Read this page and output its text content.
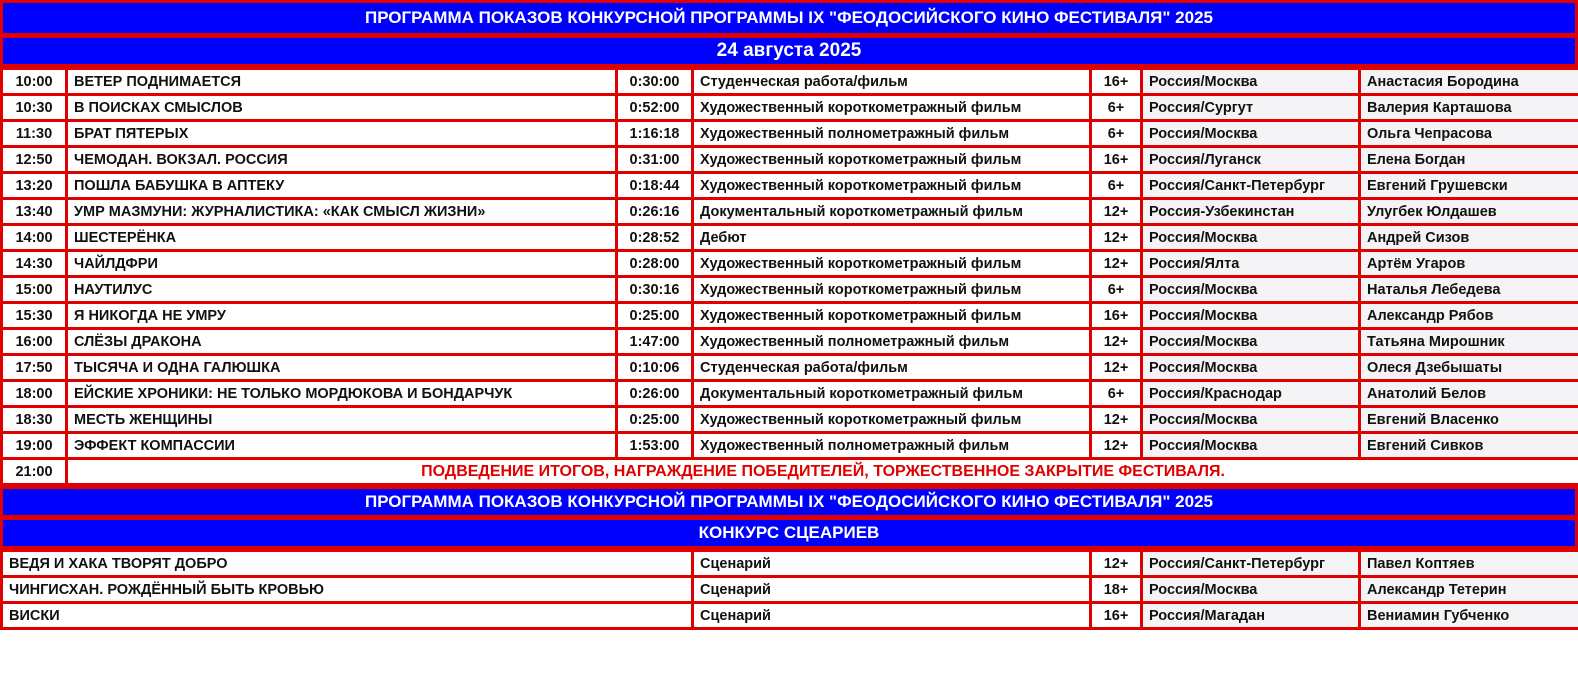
ПРОГРАММА ПОКАЗОВ КОНКУРСНОЙ ПРОГРАММЫ IX "ФЕОДОСИЙСКОГО КИНО ФЕСТИВАЛЯ" 2025
24 августа 2025
10:00	ВЕТЕР ПОДНИМАЕТСЯ	0:30:00	Студенческая работа/фильм	16+	Россия/Москва	Анастасия Бородина
10:30	В ПОИСКАХ СМЫСЛОВ	0:52:00	Художественный короткометражный фильм	6+	Россия/Сургут	Валерия Карташова
11:30	БРАТ ПЯТЕРЫХ	1:16:18	Художественный полнометражный фильм	6+	Россия/Москва	Ольга Чепрасова
12:50	ЧЕМОДАН. ВОКЗАЛ. РОССИЯ	0:31:00	Художественный короткометражный фильм	16+	Россия/Луганск	Елена Богдан
13:20	ПОШЛА БАБУШКА В АПТЕКУ	0:18:44	Художественный короткометражный фильм	6+	Россия/Санкт-Петербург	Евгений Грушевски
13:40	УМР МАЗМУНИ: ЖУРНАЛИСТИКА: «КАК СМЫСЛ ЖИЗНИ»	0:26:16	Документальный короткометражный фильм	12+	Россия-Узбекинстан	Улугбек Юлдашев
14:00	ШЕСТЕРЁНКА	0:28:52	Дебют	12+	Россия/Москва	Андрей Сизов
14:30	ЧАЙЛДФРИ	0:28:00	Художественный короткометражный фильм	12+	Россия/Ялта	Артём Угаров
15:00	НАУТИЛУС	0:30:16	Художественный короткометражный фильм	6+	Россия/Москва	Наталья Лебедева
15:30	Я НИКОГДА НЕ УМРУ	0:25:00	Художественный короткометражный фильм	16+	Россия/Москва	Александр Рябов
16:00	СЛЁЗЫ ДРАКОНА	1:47:00	Художественный полнометражный фильм	12+	Россия/Москва	Татьяна Мирошник
17:50	ТЫСЯЧА И ОДНА ГАЛЮШКА	0:10:06	Студенческая работа/фильм	12+	Россия/Москва	Олеся Дзебышаты
18:00	ЕЙСКИЕ ХРОНИКИ: НЕ ТОЛЬКО МОРДЮКОВА И БОНДАРЧУК	0:26:00	Документальный короткометражный фильм	6+	Россия/Краснодар	Анатолий Белов
18:30	МЕСТЬ ЖЕНЩИНЫ	0:25:00	Художественный короткометражный фильм	12+	Россия/Москва	Евгений Власенко
19:00	ЭФФЕКТ КОМПАССИИ	1:53:00	Художественный полнометражный фильм	12+	Россия/Москва	Евгений Сивков
21:00	ПОДВЕДЕНИЕ ИТОГОВ, НАГРАЖДЕНИЕ ПОБЕДИТЕЛЕЙ, ТОРЖЕСТВЕННОЕ ЗАКРЫТИЕ ФЕСТИВАЛЯ.					
ПРОГРАММА ПОКАЗОВ КОНКУРСНОЙ ПРОГРАММЫ IX "ФЕОДОСИЙСКОГО КИНО ФЕСТИВАЛЯ" 2025
КОНКУРС СЦЕАРИЕВ
ВЕДЯ И ХАКА ТВОРЯТ ДОБРО	Сценарий	12+	Россия/Санкт-Петербург	Павел Коптяев
ЧИНГИСХАН. РОЖДЁННЫЙ БЫТЬ КРОВЬЮ	Сценарий	18+	Россия/Москва	Александр Тетерин
ВИСКИ	Сценарий	16+	Россия/Магадан	Вениамин Губченко
